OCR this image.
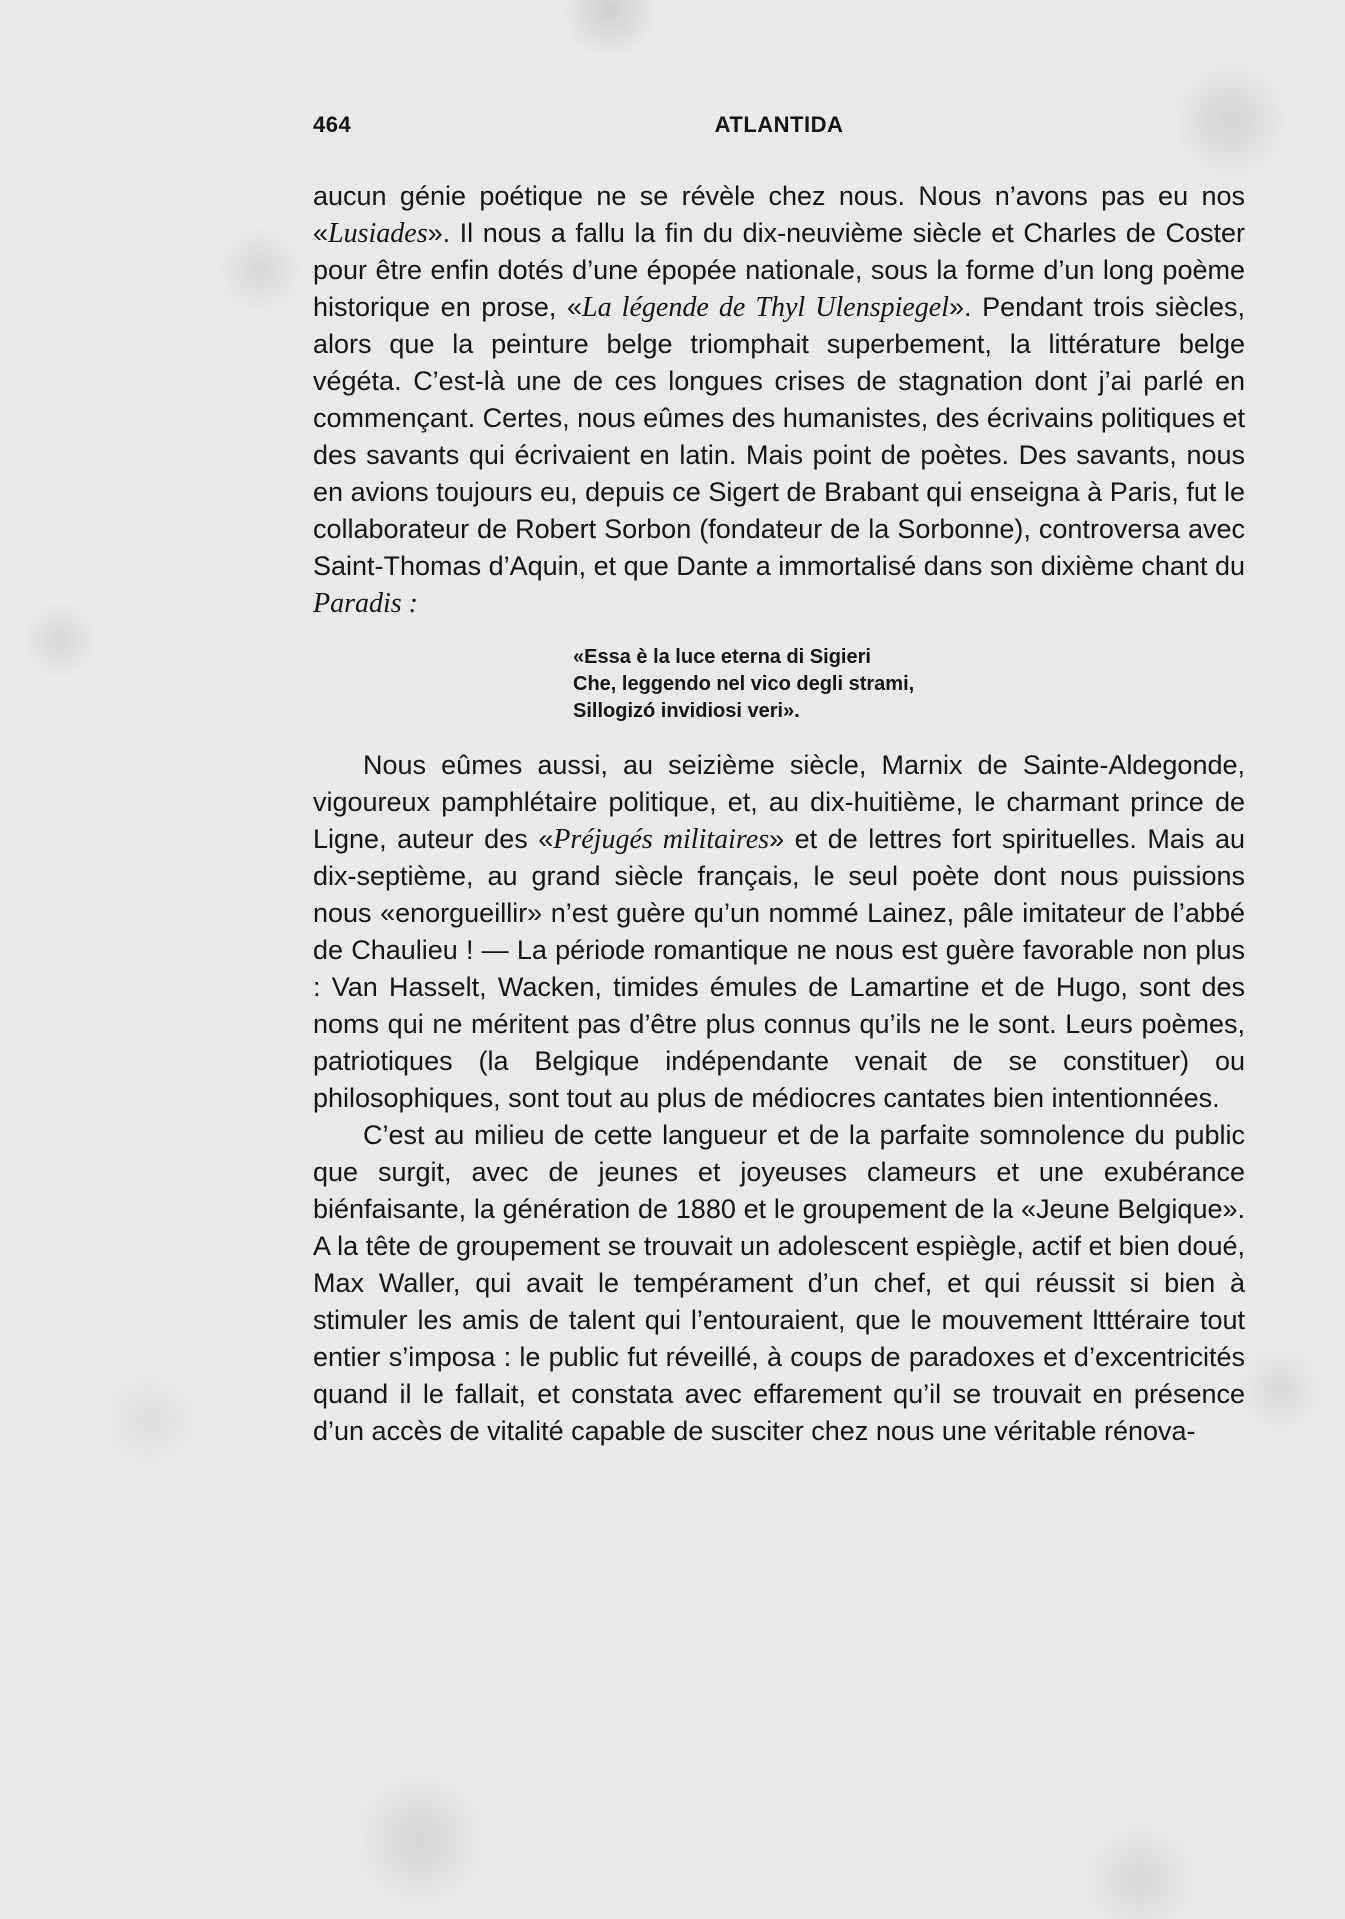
464	ATLANTIDA

aucun génie poétique ne se révèle chez nous. Nous n’avons pas eu nos «Lusiades». Il nous a fallu la fin du dix-neuvième siècle et Charles de Coster pour être enfin dotés d’une épopée nationale, sous la forme d’un long poème historique en prose, «La légende de Thyl Ulenspiegel». Pendant trois siècles, alors que la peinture belge triomphait superbement, la littérature belge végéta. C’est-là une de ces longues crises de stagnation dont j’ai parlé en commençant. Certes, nous eûmes des humanistes, des écrivains politiques et des savants qui écrivaient en latin. Mais point de poètes. Des savants, nous en avions toujours eu, depuis ce Sigert de Brabant qui enseigna à Paris, fut le collaborateur de Robert Sorbon (fondateur de la Sorbonne), controversa avec Saint-Thomas d’Aquin, et que Dante a immortalisé dans son dixième chant du Paradis :

«Essa è la luce eterna di Sigieri
Che, leggendo nel vico degli strami,
Sillogizó invidiosi veri».

Nous eûmes aussi, au seizième siècle, Marnix de Sainte-Aldegonde, vigoureux pamphlétaire politique, et, au dix-huitième, le charmant prince de Ligne, auteur des «Préjugés militaires» et de lettres fort spirituelles. Mais au dix-septième, au grand siècle français, le seul poète dont nous puissions nous «enorgueillir» n’est guère qu’un nommé Lainez, pâle imitateur de l’abbé de Chaulieu ! — La période romantique ne nous est guère favorable non plus : Van Hasselt, Wacken, timides émules de Lamartine et de Hugo, sont des noms qui ne méritent pas d’être plus connus qu’ils ne le sont. Leurs poèmes, patriotiques (la Belgique indépendante venait de se constituer) ou philosophiques, sont tout au plus de médiocres cantates bien intentionnées.

C’est au milieu de cette langueur et de la parfaite somnolence du public que surgit, avec de jeunes et joyeuses clameurs et une exubérance biénfaisante, la génération de 1880 et le groupement de la «Jeune Belgique». A la tête de groupement se trouvait un adolescent espiègle, actif et bien doué, Max Waller, qui avait le tempérament d’un chef, et qui réussit si bien à stimuler les amis de talent qui l’entouraient, que le mouvement ltttéraire tout entier s’imposa : le public fut réveillé, à coups de paradoxes et d’excentricités quand il le fallait, et constata avec effarement qu’il se trouvait en présence d’un accès de vitalité capable de susciter chez nous une véritable rénova-
